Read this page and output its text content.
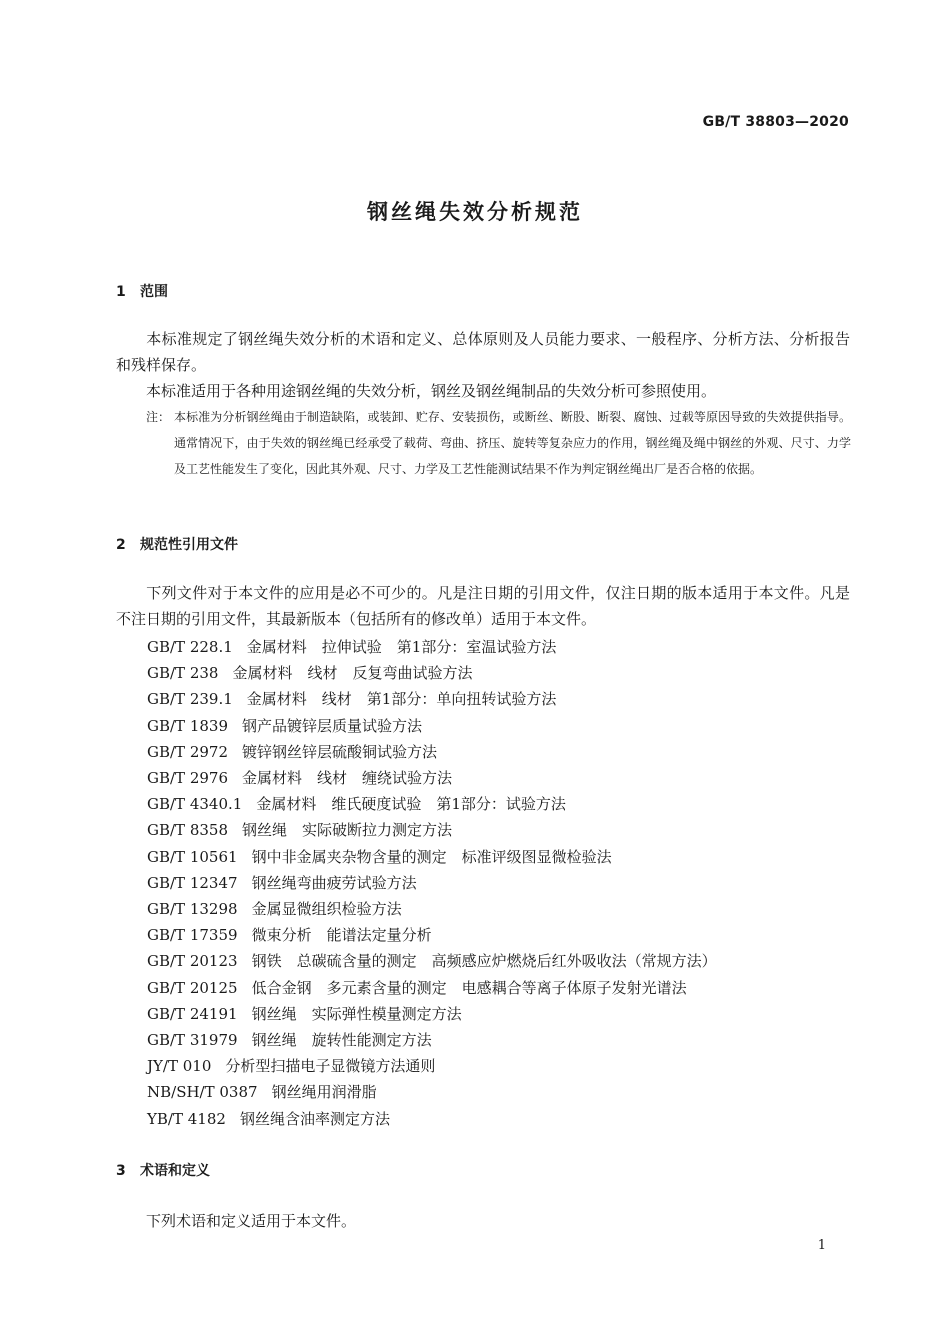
GB/T 38803—2020
钢丝绳失效分析规范
1 范围
本标准规定了钢丝绳失效分析的术语和定义、总体原则及人员能力要求、一般程序、分析方法、分析报告和残样保存。
本标准适用于各种用途钢丝绳的失效分析，钢丝及钢丝绳制品的失效分析可参照使用。
注： 本标准为分析钢丝绳由于制造缺陷，或装卸、贮存、安装损伤，或断丝、断股、断裂、腐蚀、过载等原因导致的失效提供指导。通常情况下，由于失效的钢丝绳已经承受了载荷、弯曲、挤压、旋转等复杂应力的作用，钢丝绳及绳中钢丝的外观、尺寸、力学及工艺性能发生了变化，因此其外观、尺寸、力学及工艺性能测试结果不作为判定钢丝绳出厂是否合格的依据。
2 规范性引用文件
下列文件对于本文件的应用是必不可少的。凡是注日期的引用文件，仅注日期的版本适用于本文件。凡是不注日期的引用文件，其最新版本（包括所有的修改单）适用于本文件。
GB/T 228.1 金属材料　拉伸试验　第1部分：室温试验方法
GB/T 238 金属材料　线材　反复弯曲试验方法
GB/T 239.1 金属材料　线材　第1部分：单向扭转试验方法
GB/T 1839 钢产品镀锌层质量试验方法
GB/T 2972 镀锌钢丝锌层硫酸铜试验方法
GB/T 2976 金属材料　线材　缠绕试验方法
GB/T 4340.1 金属材料　维氏硬度试验　第1部分：试验方法
GB/T 8358 钢丝绳　实际破断拉力测定方法
GB/T 10561 钢中非金属夹杂物含量的测定　标准评级图显微检验法
GB/T 12347 钢丝绳弯曲疲劳试验方法
GB/T 13298 金属显微组织检验方法
GB/T 17359 微束分析　能谱法定量分析
GB/T 20123 钢铁　总碳硫含量的测定　高频感应炉燃烧后红外吸收法（常规方法）
GB/T 20125 低合金钢　多元素含量的测定　电感耦合等离子体原子发射光谱法
GB/T 24191 钢丝绳　实际弹性模量测定方法
GB/T 31979 钢丝绳　旋转性能测定方法
JY/T 010 分析型扫描电子显微镜方法通则
NB/SH/T 0387 钢丝绳用润滑脂
YB/T 4182 钢丝绳含油率测定方法
3 术语和定义
下列术语和定义适用于本文件。
1
